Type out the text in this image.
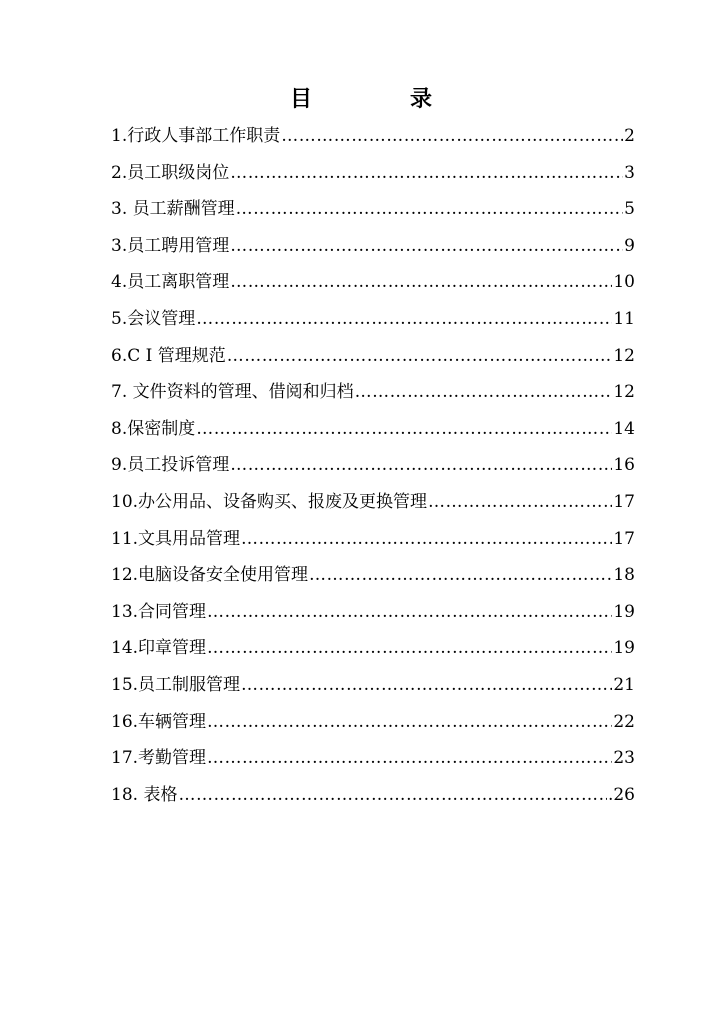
目	录
1.行政人事部工作职责 ……………………………………………………………………………………………………………………………………………………………………………	2
2.员工职级岗位 ……………………………………………………………………………………………………………………………………………………………………………	3
3. 员工薪酬管理 ……………………………………………………………………………………………………………………………………………………………………………	5
3.员工聘用管理 ……………………………………………………………………………………………………………………………………………………………………………	9
4.员工离职管理 ……………………………………………………………………………………………………………………………………………………………………………	10
5.会议管理 ……………………………………………………………………………………………………………………………………………………………………………	11
6.C I 管理规范 ……………………………………………………………………………………………………………………………………………………………………………	12
7. 文件资料的管理、借阅和归档 ……………………………………………………………………………………………………………………………………………………………………………	12
8.保密制度 ……………………………………………………………………………………………………………………………………………………………………………	14
9.员工投诉管理 ……………………………………………………………………………………………………………………………………………………………………………	16
10.办公用品、设备购买、报废及更换管理 ……………………………………………………………………………………………………………………………………………………………………………	17
11.文具用品管理 ……………………………………………………………………………………………………………………………………………………………………………	17
12.电脑设备安全使用管理 ……………………………………………………………………………………………………………………………………………………………………………	18
13.合同管理 ……………………………………………………………………………………………………………………………………………………………………………	19
14.印章管理 ……………………………………………………………………………………………………………………………………………………………………………	19
15.员工制服管理 ……………………………………………………………………………………………………………………………………………………………………………	21
16.车辆管理 ……………………………………………………………………………………………………………………………………………………………………………	22
17.考勤管理 ……………………………………………………………………………………………………………………………………………………………………………	23
18. 表格 ……………………………………………………………………………………………………………………………………………………………………………	.26
